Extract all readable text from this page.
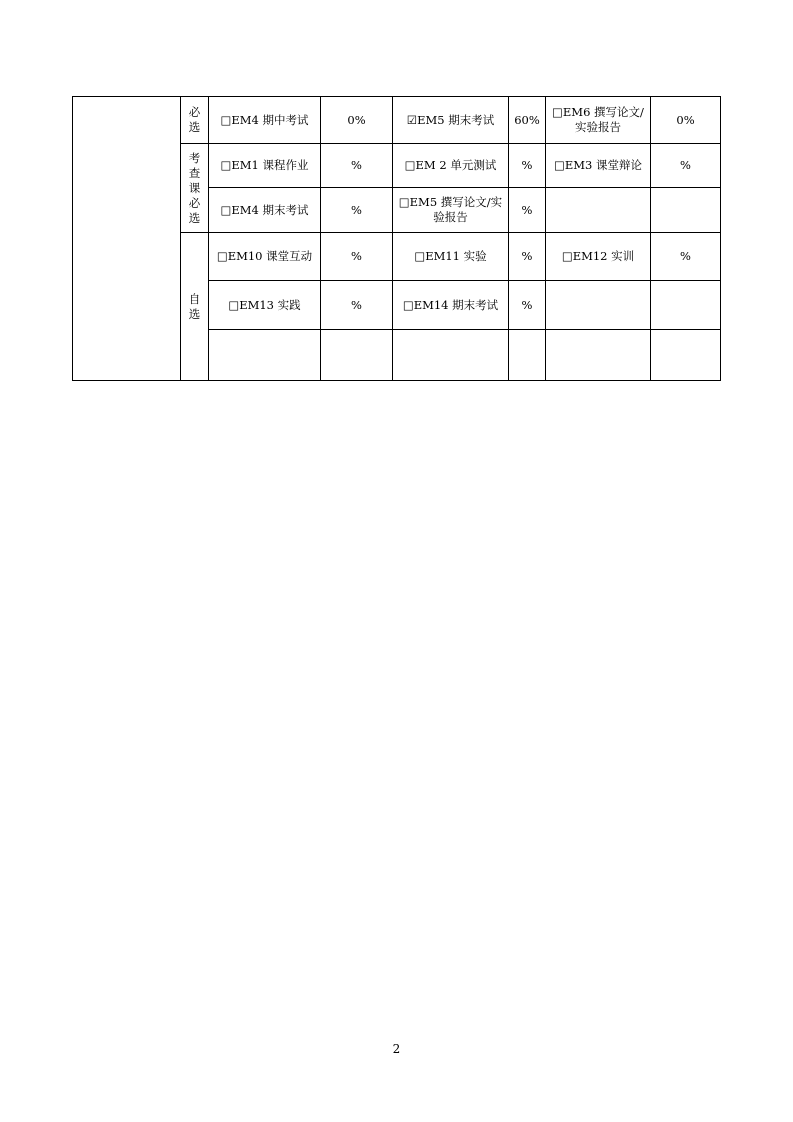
	必选	□EM4 期中考试	0%	☑EM5 期末考试	60%	□EM6 撰写论文/实验报告	0%

	考查课必选	□EM1 课程作业	%	□EM 2 单元测试	%	□EM3 课堂辩论	%
		□EM4 期末考试	%	□EM5 撰写论文/实验报告	%		

	自选	□EM10 课堂互动	%	□EM11 实验	%	□EM12 实训	%
		□EM13 实践	%	□EM14 期末考试	%		

2
